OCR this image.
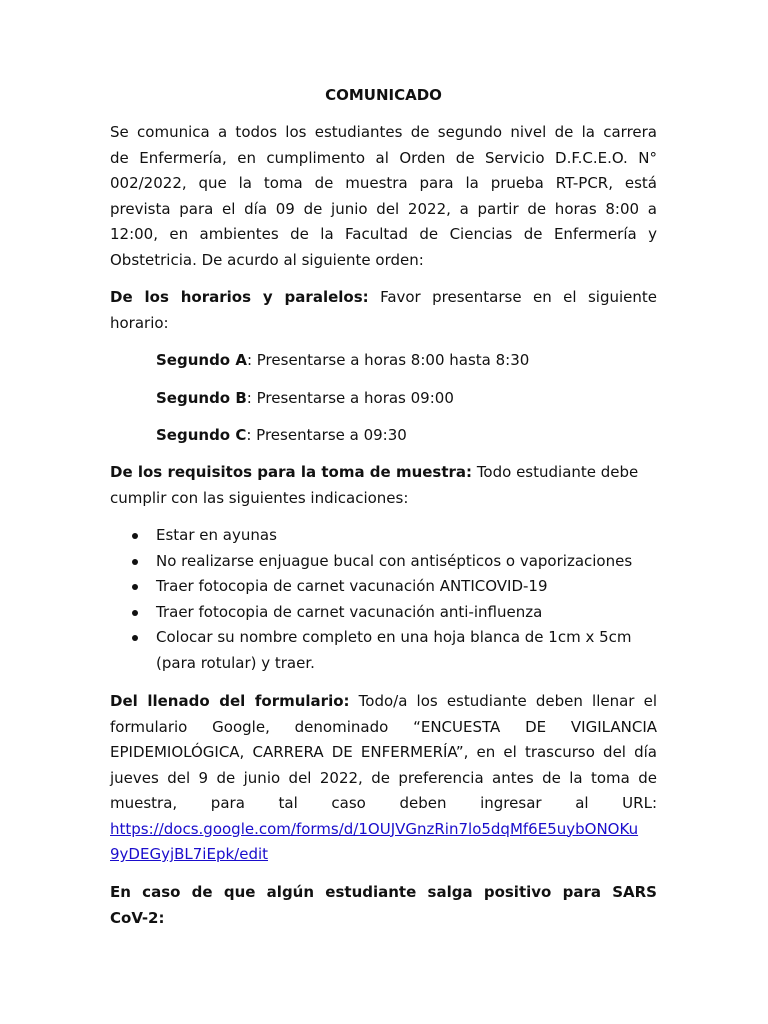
COMUNICADO

Se comunica a todos los estudiantes de segundo nivel de la carrera

de Enfermería, en cumplimento al Orden de Servicio D.F.C.E.O. N°

002/2022, que la toma de muestra para la prueba RT-PCR, está

prevista para el día 09 de junio del 2022, a partir de horas 8:00 a

12:00, en ambientes de la Facultad de Ciencias de Enfermería y

Obstetricia. De acurdo al siguiente orden:

De los horarios y paralelos: Favor presentarse en el siguiente

horario:

Segundo A: Presentarse a horas 8:00 hasta 8:30
Segundo B: Presentarse a horas 09:00
Segundo C: Presentarse a 09:30

De los requisitos para la toma de muestra: Todo estudiante debe

cumplir con las siguientes indicaciones:

Estar en ayunas
No realizarse enjuague bucal con antisépticos o vaporizaciones
Traer fotocopia de carnet vacunación ANTICOVID-19
Traer fotocopia de carnet vacunación anti-influenza
Colocar su nombre completo en una hoja blanca de 1cm x 5cm
(para rotular) y traer.

Del llenado del formulario: Todo/a los estudiante deben llenar el

formulario Google, denominado “ENCUESTA DE VIGILANCIA

EPIDEMIOLÓGICA, CARRERA DE ENFERMERÍA”, en el trascurso del día

jueves del 9 de junio del 2022, de preferencia antes de la toma de

muestra, para tal caso deben ingresar al URL:

https://docs.google.com/forms/d/1OUJVGnzRin7lo5dqMf6E5uybONOKu

9yDEGyjBL7iEpk/edit

En caso de que algún estudiante salga positivo para SARS

CoV-2:
